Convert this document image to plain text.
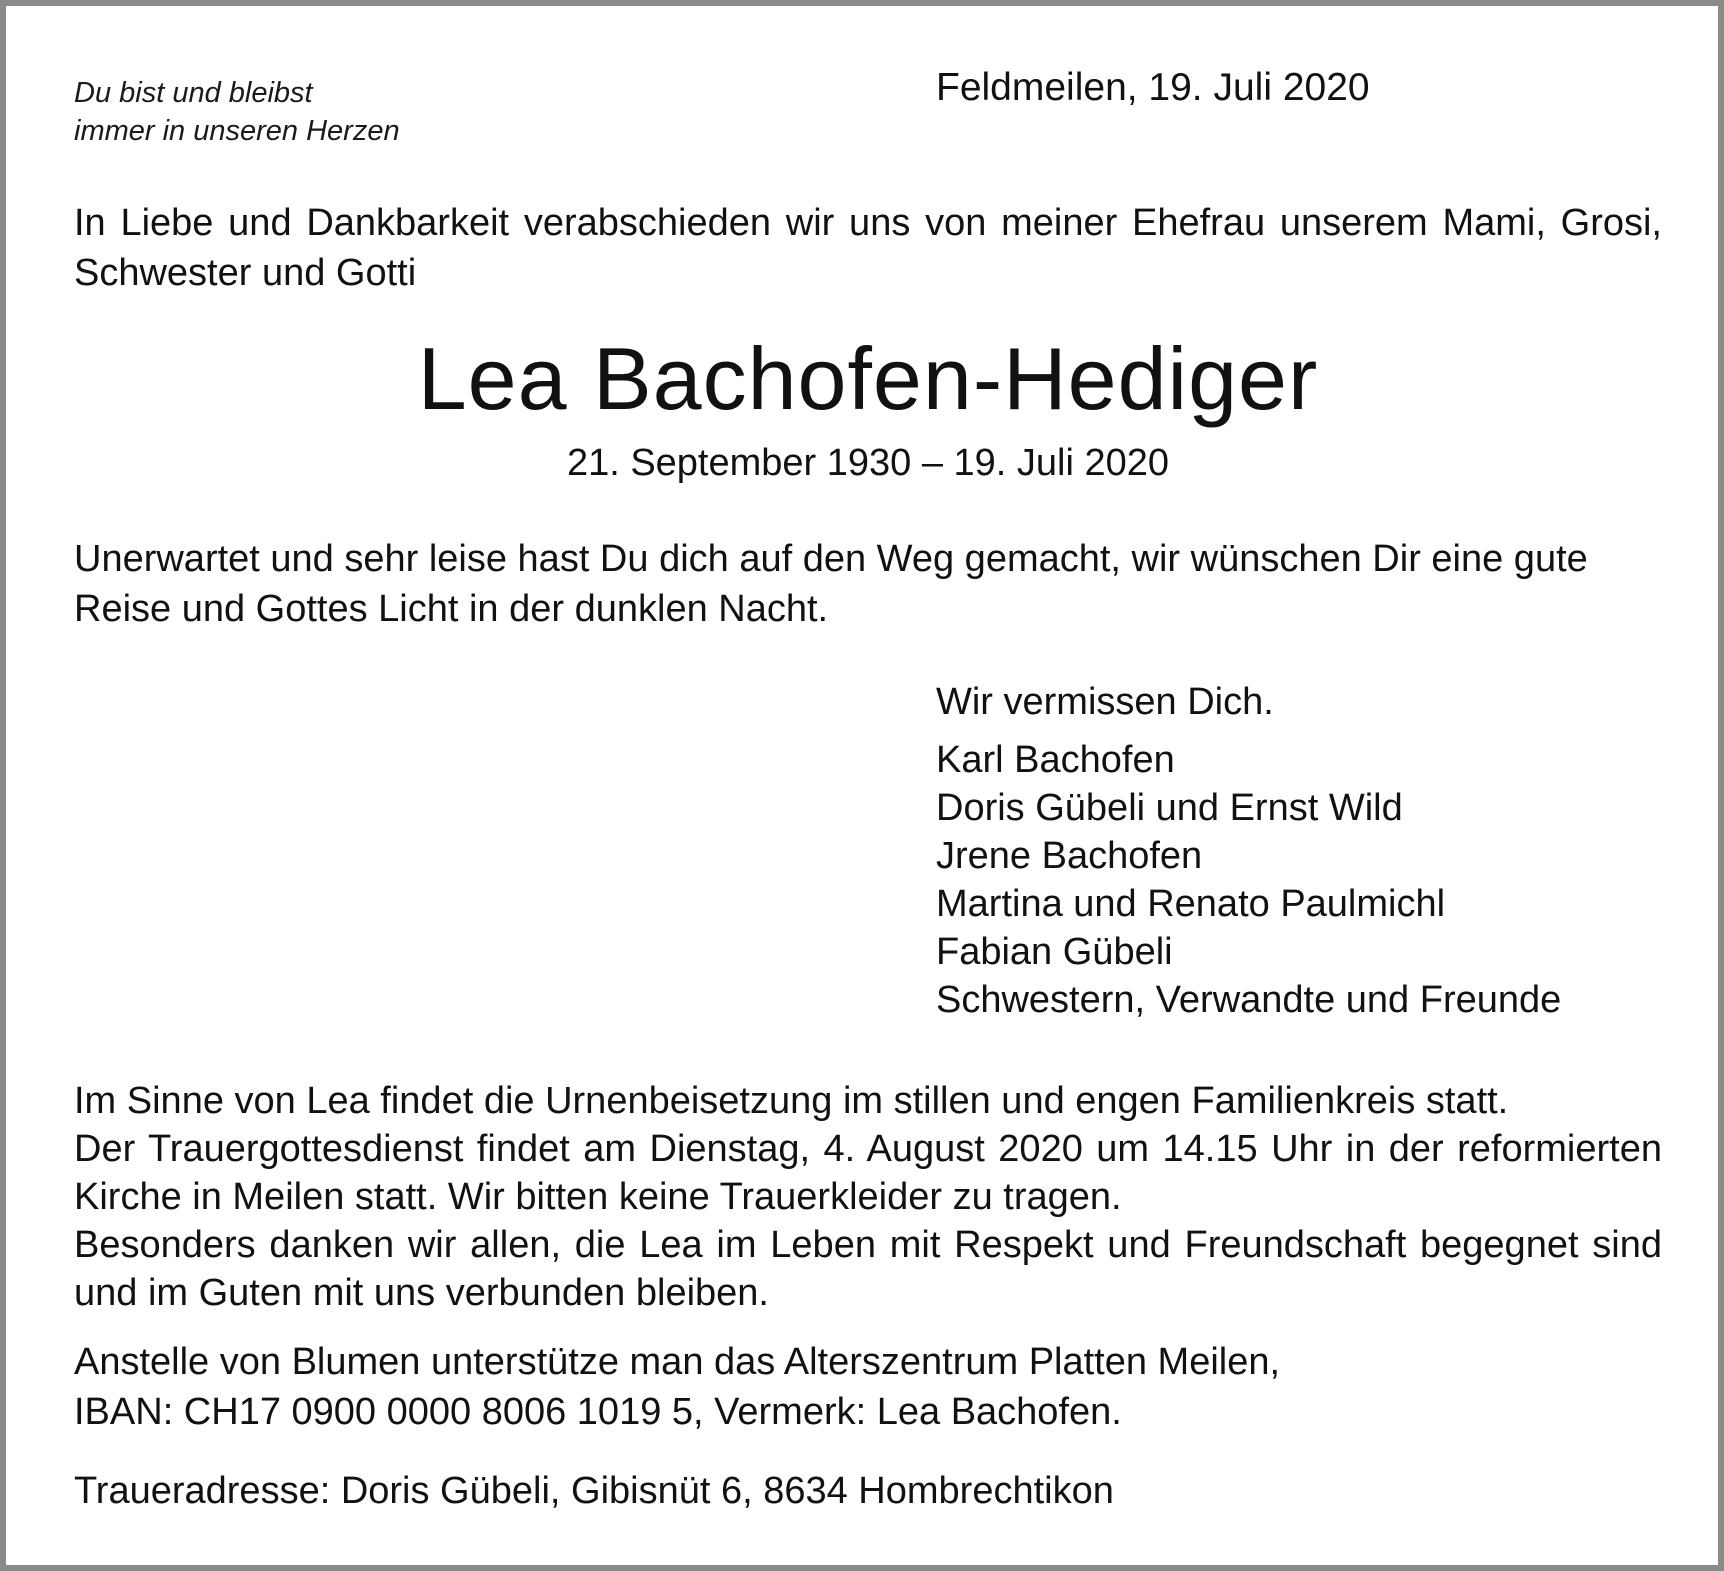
Du bist und bleibst
immer in unseren Herzen
Feldmeilen, 19. Juli 2020
In Liebe und Dankbarkeit verabschieden wir uns von meiner Ehefrau unserem Mami, Grosi, Schwester und Gotti
Lea Bachofen-Hediger
21. September 1930 – 19. Juli 2020
Unerwartet und sehr leise hast Du dich auf den Weg gemacht, wir wünschen Dir eine gute Reise und Gottes Licht in der dunklen Nacht.
Wir vermissen Dich.
Karl Bachofen
Doris Gübeli und Ernst Wild
Jrene Bachofen
Martina und Renato Paulmichl
Fabian Gübeli
Schwestern, Verwandte und Freunde
Im Sinne von Lea findet die Urnenbeisetzung im stillen und engen Familienkreis statt.
Der Trauergottesdienst findet am Dienstag, 4. August 2020 um 14.15 Uhr in der reformierten Kirche in Meilen statt. Wir bitten keine Trauerkleider zu tragen.
Besonders danken wir allen, die Lea im Leben mit Respekt und Freundschaft begegnet sind und im Guten mit uns verbunden bleiben.
Anstelle von Blumen unterstütze man das Alterszentrum Platten Meilen,
IBAN: CH17 0900 0000 8006 1019 5, Vermerk: Lea Bachofen.
Traueradresse: Doris Gübeli, Gibisnüt 6, 8634 Hombrechtikon
